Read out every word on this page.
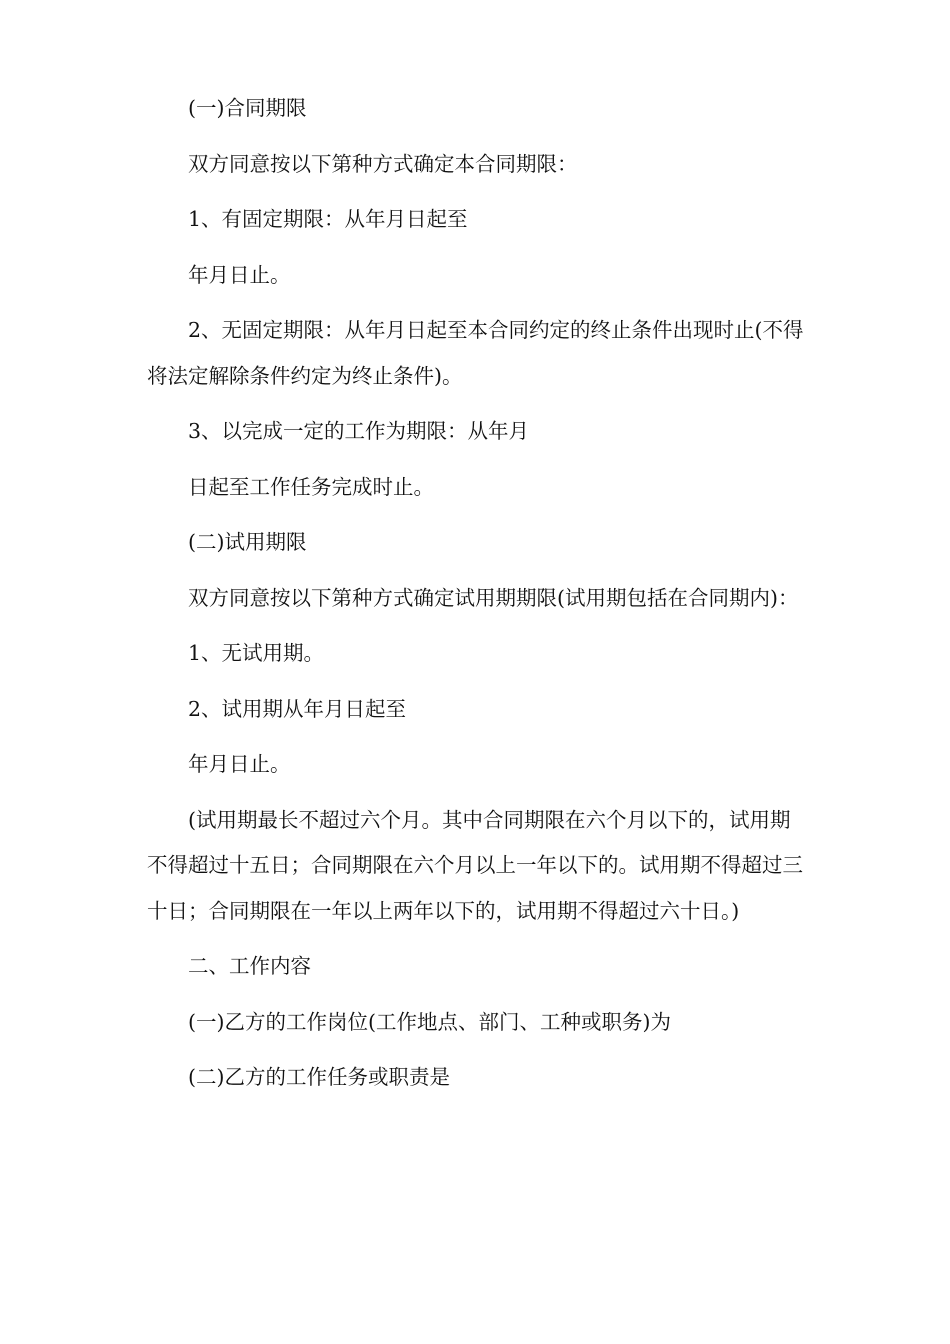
(一)合同期限

双方同意按以下第种方式确定本合同期限：

1、有固定期限：从年月日起至

年月日止。

2、无固定期限：从年月日起至本合同约定的终止条件出现时止(不得将法定解除条件约定为终止条件)。

3、以完成一定的工作为期限：从年月

日起至工作任务完成时止。

(二)试用期限

双方同意按以下第种方式确定试用期期限(试用期包括在合同期内)：

1、无试用期。

2、试用期从年月日起至

年月日止。

(试用期最长不超过六个月。其中合同期限在六个月以下的，试用期不得超过十五日；合同期限在六个月以上一年以下的。试用期不得超过三十日；合同期限在一年以上两年以下的，试用期不得超过六十日。)

二、工作内容

(一)乙方的工作岗位(工作地点、部门、工种或职务)为

(二)乙方的工作任务或职责是
